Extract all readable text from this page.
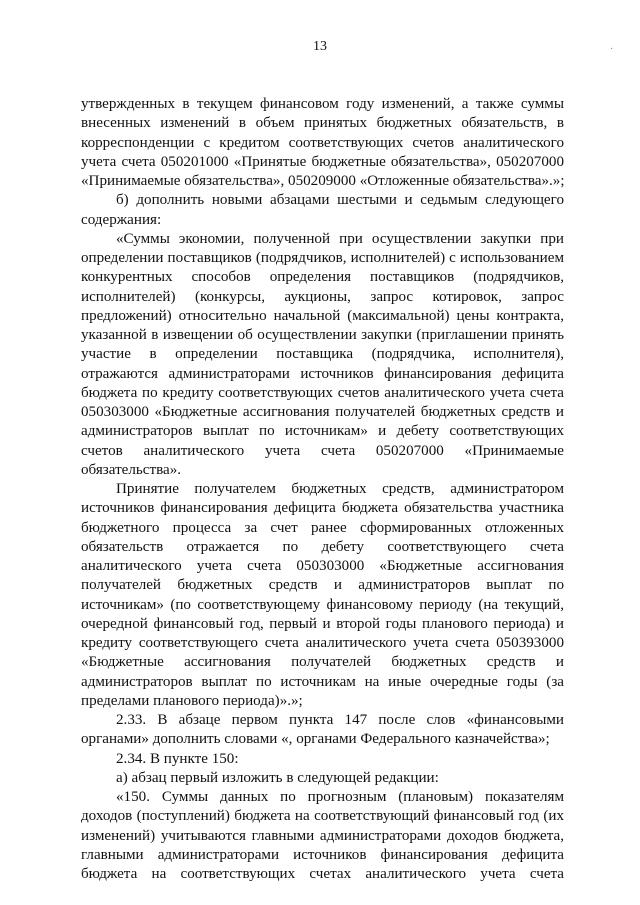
13	·
утвержденных в текущем финансовом году изменений, а также суммы
внесенных изменений в объем принятых бюджетных обязательств, в
корреспонденции с кредитом соответствующих счетов аналитического
учета счета 050201000 «Принятые бюджетные обязательства», 050207000
«Принимаемые обязательства», 050209000 «Отложенные обязательства».»;
б) дополнить новыми абзацами шестыми и седьмым следующего
содержания:
«Суммы экономии, полученной при осуществлении закупки при
определении поставщиков (подрядчиков, исполнителей) с использованием
конкурентных способов определения поставщиков (подрядчиков,
исполнителей) (конкурсы, аукционы, запрос котировок, запрос
предложений) относительно начальной (максимальной) цены контракта,
указанной в извещении об осуществлении закупки (приглашении принять
участие в определении поставщика (подрядчика, исполнителя),
отражаются администраторами источников финансирования дефицита
бюджета по кредиту соответствующих счетов аналитического учета счета
050303000 «Бюджетные ассигнования получателей бюджетных средств и
администраторов выплат по источникам» и дебету соответствующих
счетов аналитического учета счета 050207000 «Принимаемые
обязательства».
Принятие получателем бюджетных средств, администратором
источников финансирования дефицита бюджета обязательства участника
бюджетного процесса за счет ранее сформированных отложенных
обязательств отражается по дебету соответствующего счета
аналитического учета счета 050303000 «Бюджетные ассигнования
получателей бюджетных средств и администраторов выплат по
источникам» (по соответствующему финансовому периоду (на текущий,
очередной финансовый год, первый и второй годы планового периода) и
кредиту соответствующего счета аналитического учета счета 050393000
«Бюджетные ассигнования получателей бюджетных средств и
администраторов выплат по источникам на иные очередные годы (за
пределами планового периода)».»;
2.33. В абзаце первом пункта 147 после слов «финансовыми
органами» дополнить словами «, органами Федерального казначейства»;
2.34. В пункте 150:
а) абзац первый изложить в следующей редакции:
«150. Суммы данных по прогнозным (плановым) показателям
доходов (поступлений) бюджета на соответствующий финансовый год (их
изменений) учитываются главными администраторами доходов бюджета,
главными администраторами источников финансирования дефицита
бюджета на соответствующих счетах аналитического учета счета
